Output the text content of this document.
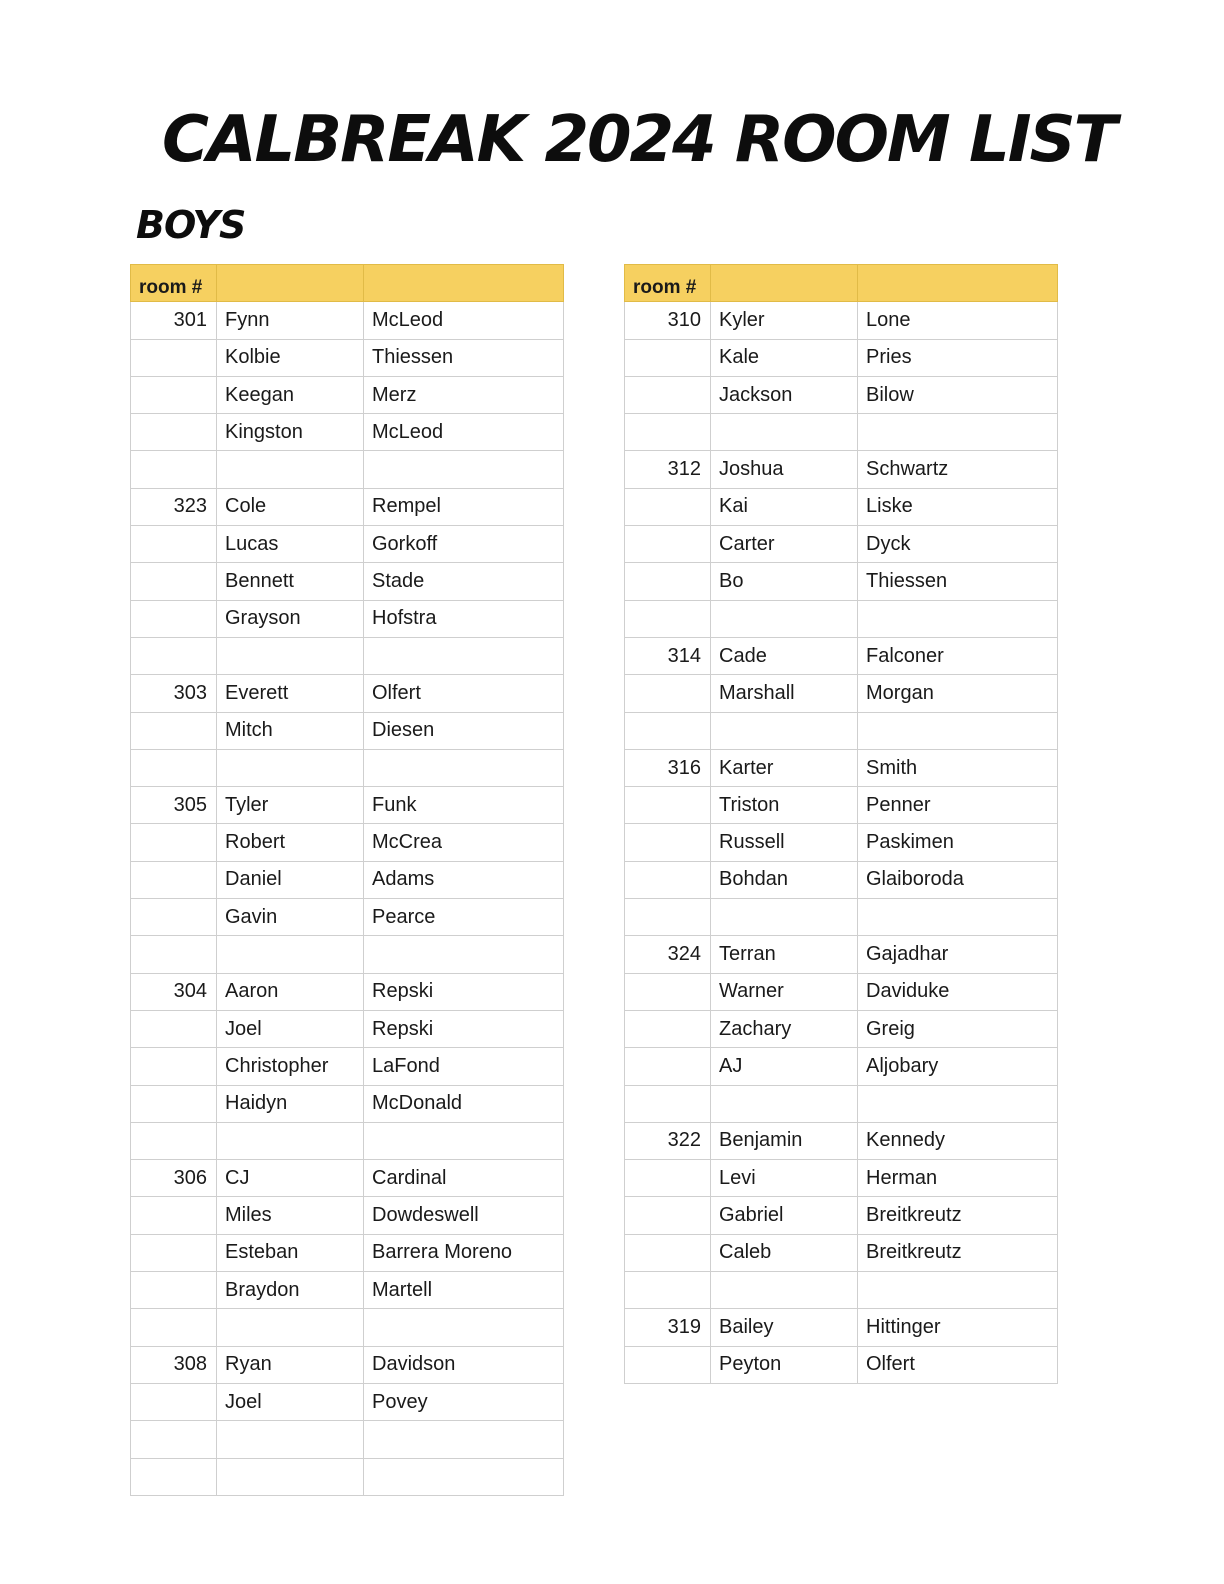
CALBREAK 2024 ROOM LIST
BOYS
room #		
301	Fynn	McLeod
	Kolbie	Thiessen
	Keegan	Merz
	Kingston	McLeod

323	Cole	Rempel
	Lucas	Gorkoff
	Bennett	Stade
	Grayson	Hofstra

303	Everett	Olfert
	Mitch	Diesen

305	Tyler	Funk
	Robert	McCrea
	Daniel	Adams
	Gavin	Pearce

304	Aaron	Repski
	Joel	Repski
	Christopher	LaFond
	Haidyn	McDonald

306	CJ	Cardinal
	Miles	Dowdeswell
	Esteban	Barrera Moreno
	Braydon	Martell

308	Ryan	Davidson
	Joel	Povey

room #		
310	Kyler	Lone
	Kale	Pries
	Jackson	Bilow

312	Joshua	Schwartz
	Kai	Liske
	Carter	Dyck
	Bo	Thiessen

314	Cade	Falconer
	Marshall	Morgan

316	Karter	Smith
	Triston	Penner
	Russell	Paskimen
	Bohdan	Glaiboroda

324	Terran	Gajadhar
	Warner	Daviduke
	Zachary	Greig
	AJ	Aljobary

322	Benjamin	Kennedy
	Levi	Herman
	Gabriel	Breitkreutz
	Caleb	Breitkreutz

319	Bailey	Hittinger
	Peyton	Olfert
